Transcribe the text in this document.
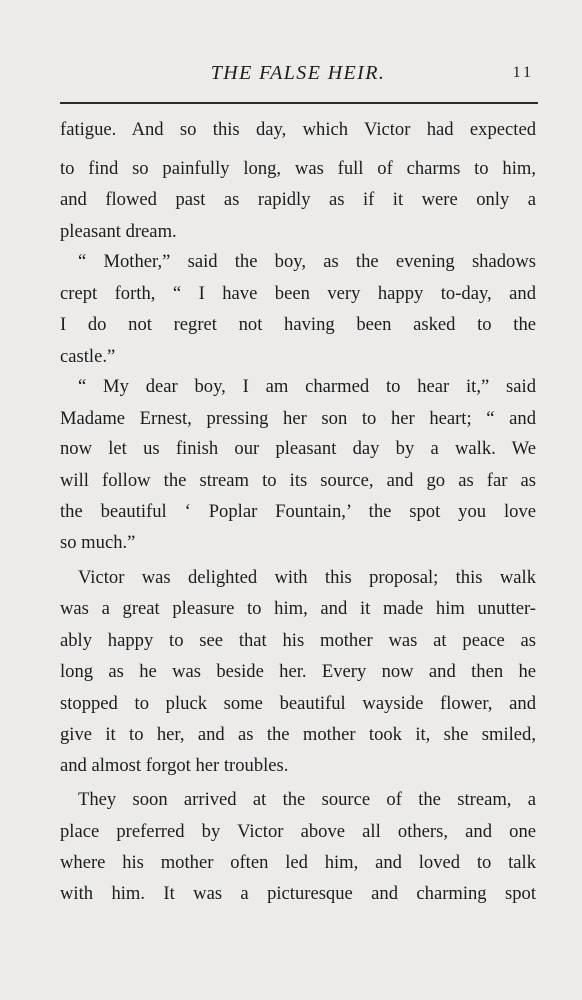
THE FALSE HEIR.	11
fatigue. And so this day, which Victor had expected
to find so painfully long, was full of charms to him,
and flowed past as rapidly as if it were only a
pleasant dream.
“ Mother,” said the boy, as the evening shadows
crept forth, “ I have been very happy to-day, and
I do not regret not having been asked to the
castle.”
“ My dear boy, I am charmed to hear it,” said
Madame Ernest, pressing her son to her heart; “ and
now let us finish our pleasant day by a walk. We
will follow the stream to its source, and go as far as
the beautiful ‘ Poplar Fountain,’ the spot you love
so much.”
Victor was delighted with this proposal; this walk
was a great pleasure to him, and it made him unutter-
ably happy to see that his mother was at peace as
long as he was beside her. Every now and then he
stopped to pluck some beautiful wayside flower, and
give it to her, and as the mother took it, she smiled,
and almost forgot her troubles.
They soon arrived at the source of the stream, a
place preferred by Victor above all others, and one
where his mother often led him, and loved to talk
with him. It was a picturesque and charming spot
